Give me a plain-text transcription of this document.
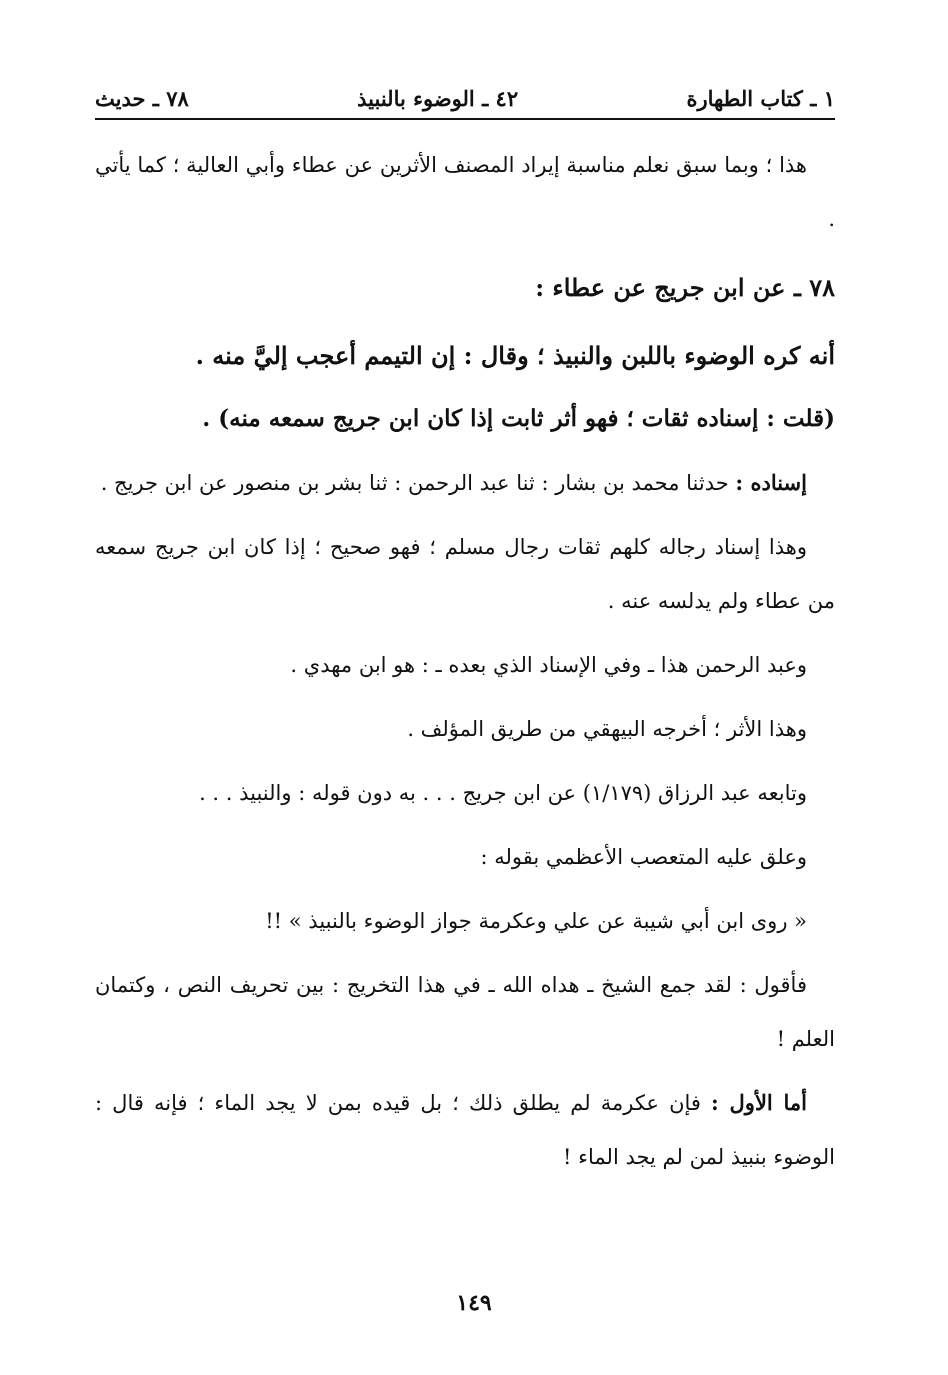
١ ـ كتاب الطهارة
٤٢ ـ الوضوء بالنبيذ
٧٨ ـ حديث

هذا ؛ وبما سبق نعلم مناسبة إيراد المصنف الأثرين عن عطاء وأبي العالية ؛ كما يأتي .

٧٨ ـ عن ابن جريج عن عطاء :

أنه كره الوضوء باللبن والنبيذ ؛ وقال : إن التيمم أعجب إليَّ منه .

(قلت : إسناده ثقات ؛ فهو أثر ثابت إذا كان ابن جريج سمعه منه) .

إسناده : حدثنا محمد بن بشار : ثنا عبد الرحمن : ثنا بشر بن منصور عن ابن جريج .

وهذا إسناد رجاله كلهم ثقات رجال مسلم ؛ فهو صحيح ؛ إذا كان ابن جريج سمعه من عطاء ولم يدلسه عنه .

وعبد الرحمن هذا ـ وفي الإسناد الذي بعده ـ : هو ابن مهدي .

وهذا الأثر ؛ أخرجه البيهقي من طريق المؤلف .

وتابعه عبد الرزاق (١/١٧٩) عن ابن جريج . . . به دون قوله : والنبيذ . . .

وعلق عليه المتعصب الأعظمي بقوله :

« روى ابن أبي شيبة عن علي وعكرمة جواز الوضوء بالنبيذ » !!

فأقول : لقد جمع الشيخ ـ هداه الله ـ في هذا التخريج : بين تحريف النص ، وكتمان العلم !

أما الأول : فإن عكرمة لم يطلق ذلك ؛ بل قيده بمن لا يجد الماء ؛ فإنه قال : الوضوء بنبيذ لمن لم يجد الماء !

١٤٩
